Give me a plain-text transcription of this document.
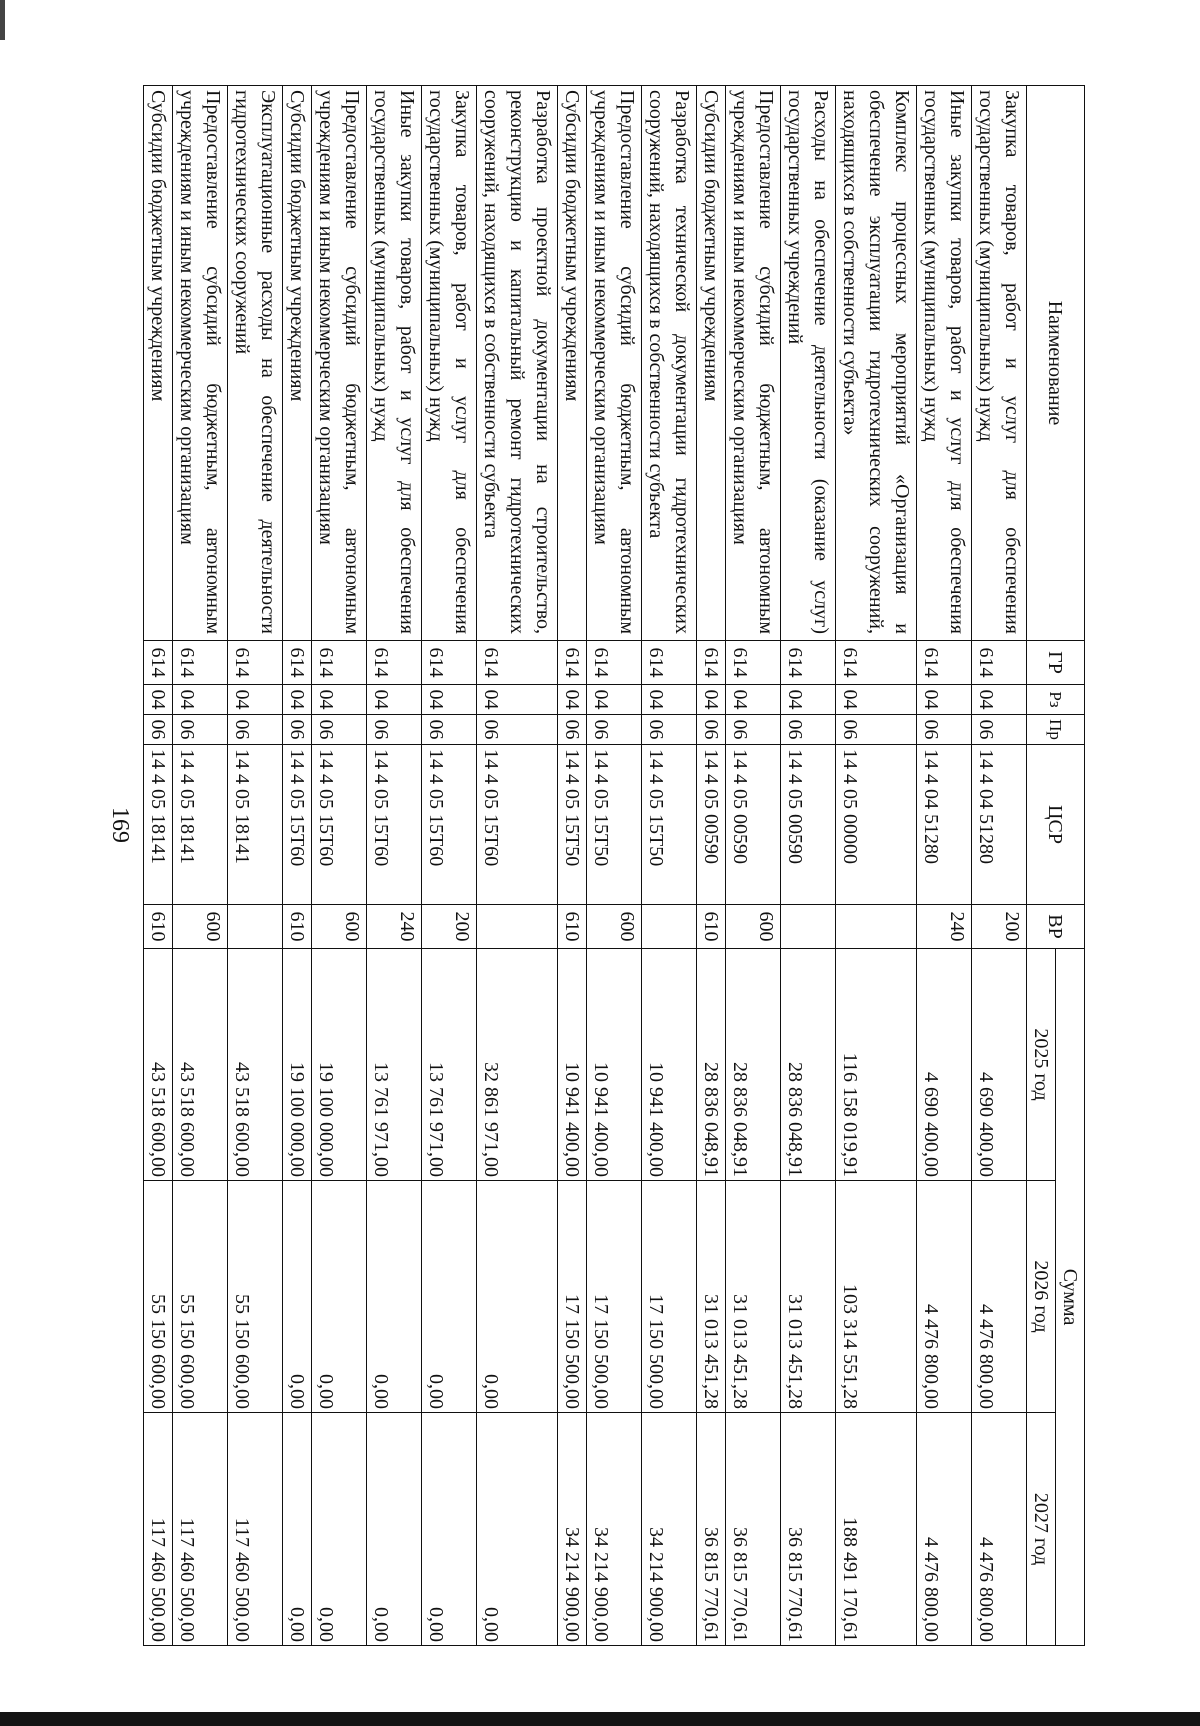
169
Наименование	ГР	Рз	Пр	ЦСР	ВР	Сумма		
						2025 год	2026 год	2027 год
Закупка товаров, работ и услуг для обеспечения государственных (муниципальных) нужд	614	04	06	14 4 04 51280	200	4 690 400,00	4 476 800,00	4 476 800,00
Иные закупки товаров, работ и услуг для обеспечения государственных (муниципальных) нужд	614	04	06	14 4 04 51280	240	4 690 400,00	4 476 800,00	4 476 800,00
Комплекс процессных мероприятий «Организация и обеспечение эксплуатации гидротехнических сооружений, находящихся в собственности субъекта»	614	04	06	14 4 05 00000		116 158 019,91	103 314 551,28	188 491 170,61
Расходы на обеспечение деятельности (оказание услуг) государственных учреждений	614	04	06	14 4 05 00590		28 836 048,91	31 013 451,28	36 815 770,61
Предоставление субсидий бюджетным, автономным учреждениям и иным некоммерческим организациям	614	04	06	14 4 05 00590	600	28 836 048,91	31 013 451,28	36 815 770,61
Субсидии бюджетным учреждениям	614	04	06	14 4 05 00590	610	28 836 048,91	31 013 451,28	36 815 770,61
Разработка технической документации гидротехнических сооружений, находящихся в собственности субъекта	614	04	06	14 4 05 15T50		10 941 400,00	17 150 500,00	34 214 900,00
Предоставление субсидий бюджетным, автономным учреждениям и иным некоммерческим организациям	614	04	06	14 4 05 15T50	600	10 941 400,00	17 150 500,00	34 214 900,00
Субсидии бюджетным учреждениям	614	04	06	14 4 05 15T50	610	10 941 400,00	17 150 500,00	34 214 900,00
Разработка проектной документации на строительство, реконструкцию и капитальный ремонт гидротехнических сооружений, находящихся в собственности субъекта	614	04	06	14 4 05 15T60		32 861 971,00	0,00	0,00
Закупка товаров, работ и услуг для обеспечения государственных (муниципальных) нужд	614	04	06	14 4 05 15T60	200	13 761 971,00	0,00	0,00
Иные закупки товаров, работ и услуг для обеспечения государственных (муниципальных) нужд	614	04	06	14 4 05 15T60	240	13 761 971,00	0,00	0,00
Предоставление субсидий бюджетным, автономным учреждениям и иным некоммерческим организациям	614	04	06	14 4 05 15T60	600	19 100 000,00	0,00	0,00
Субсидии бюджетным учреждениям	614	04	06	14 4 05 15T60	610	19 100 000,00	0,00	0,00
Эксплуатационные расходы на обеспечение деятельности гидротехнических сооружений	614	04	06	14 4 05 18141		43 518 600,00	55 150 600,00	117 460 500,00
Предоставление субсидий бюджетным, автономным учреждениям и иным некоммерческим организациям	614	04	06	14 4 05 18141	600	43 518 600,00	55 150 600,00	117 460 500,00
Субсидии бюджетным учреждениям	614	04	06	14 4 05 18141	610	43 518 600,00	55 150 600,00	117 460 500,00
